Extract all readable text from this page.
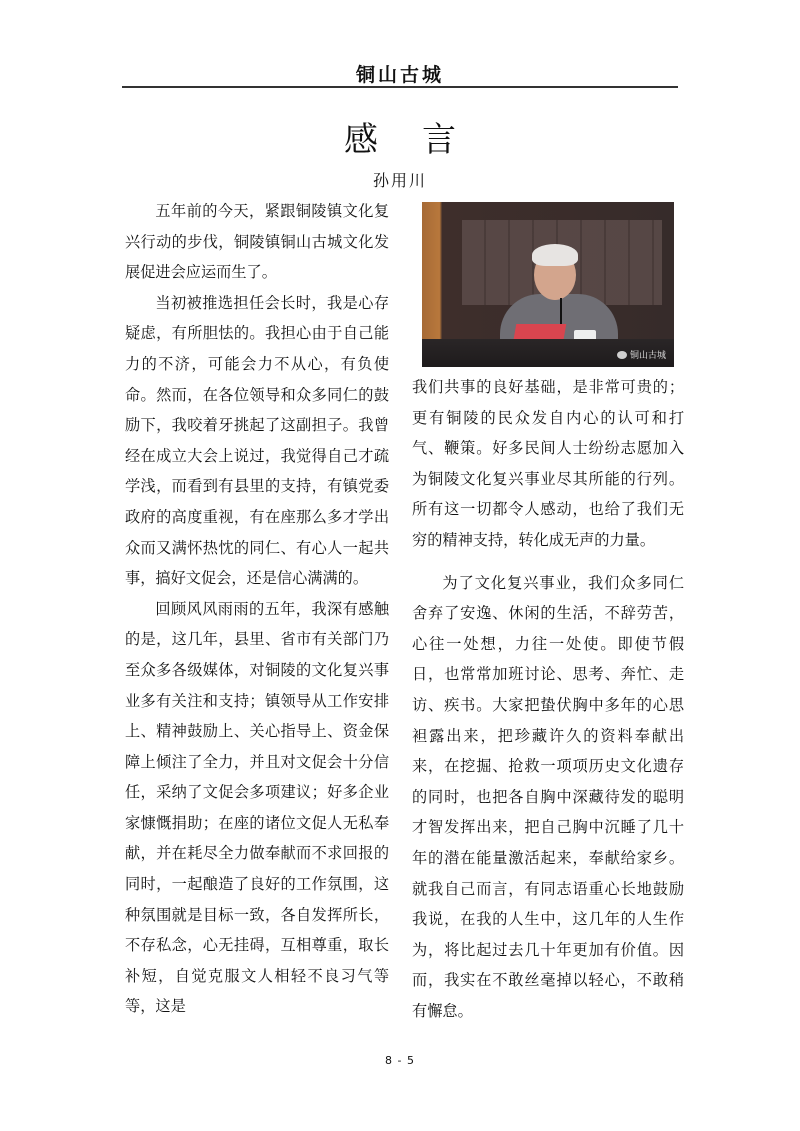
铜山古城
感言
孙用川

五年前的今天，紧跟铜陵镇文化复兴行动的步伐，铜陵镇铜山古城文化发展促进会应运而生了。

当初被推选担任会长时，我是心存疑虑，有所胆怯的。我担心由于自己能力的不济，可能会力不从心，有负使命。然而，在各位领导和众多同仁的鼓励下，我咬着牙挑起了这副担子。我曾经在成立大会上说过，我觉得自己才疏学浅，而看到有县里的支持，有镇党委政府的高度重视，有在座那么多才学出众而又满怀热忱的同仁、有心人一起共事，搞好文促会，还是信心满满的。

回顾风风雨雨的五年，我深有感触的是，这几年，县里、省市有关部门乃至众多各级媒体，对铜陵的文化复兴事业多有关注和支持；镇领导从工作安排上、精神鼓励上、关心指导上、资金保障上倾注了全力，并且对文促会十分信任，采纳了文促会多项建议；好多企业家慷慨捐助；在座的诸位文促人无私奉献，并在耗尽全力做奉献而不求回报的同时，一起酿造了良好的工作氛围，这种氛围就是目标一致，各自发挥所长，不存私念，心无挂碍，互相尊重，取长补短，自觉克服文人相轻不良习气等等，这是

铜山古城

我们共事的良好基础，是非常可贵的；更有铜陵的民众发自内心的认可和打气、鞭策。好多民间人士纷纷志愿加入为铜陵文化复兴事业尽其所能的行列。所有这一切都令人感动，也给了我们无穷的精神支持，转化成无声的力量。

为了文化复兴事业，我们众多同仁舍弃了安逸、休闲的生活，不辞劳苦，心往一处想，力往一处使。即使节假日，也常常加班讨论、思考、奔忙、走访、疾书。大家把蛰伏胸中多年的心思袒露出来，把珍藏许久的资料奉献出来，在挖掘、抢救一项项历史文化遗存的同时，也把各自胸中深藏待发的聪明才智发挥出来，把自己胸中沉睡了几十年的潜在能量激活起来，奉献给家乡。就我自己而言，有同志语重心长地鼓励我说，在我的人生中，这几年的人生作为，将比起过去几十年更加有价值。因而，我实在不敢丝毫掉以轻心，不敢稍有懈怠。

8 - 5
